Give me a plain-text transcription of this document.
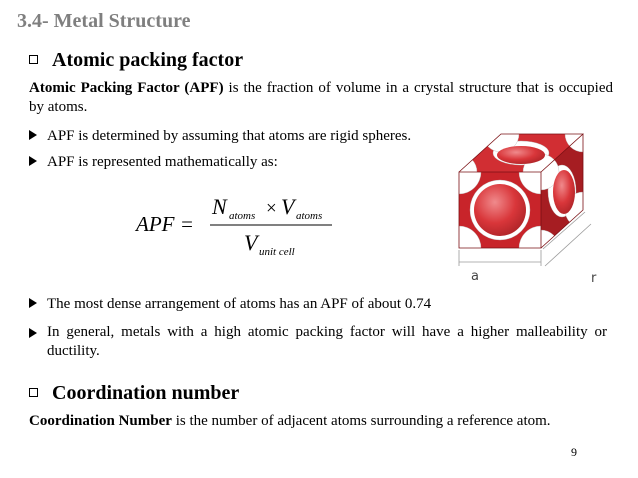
3.4- Metal Structure
Atomic packing factor
Atomic Packing Factor (APF) is the fraction of volume in a crystal structure that is occupied by atoms.
APF is determined by assuming that atoms are rigid spheres.
APF is represented mathematically as:
APF =
N atoms × V atoms
V unit cell
a	r
The most dense arrangement of atoms has an APF of about 0.74
In general, metals with a high atomic packing factor will have a higher malleability or ductility.
Coordination number
Coordination Number is the number of adjacent atoms surrounding a reference atom.
9
